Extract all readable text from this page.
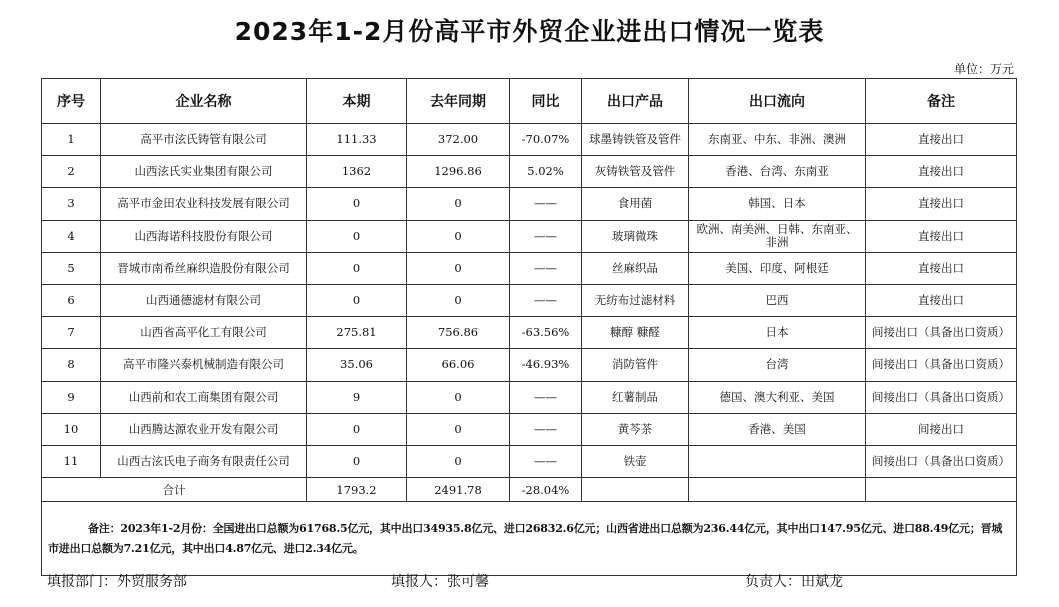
2023年1-2月份高平市外贸企业进出口情况一览表
单位：万元
序号	企业名称	本期	去年同期	同比	出口产品	出口流向	备注
1	高平市泫氏铸管有限公司	111.33	372.00	-70.07%	球墨铸铁管及管件	东南亚、中东、非洲、澳洲	直接出口
2	山西泫氏实业集团有限公司	1362	1296.86	5.02%	灰铸铁管及管件	香港、台湾、东南亚	直接出口
3	高平市金田农业科技发展有限公司	0	0	——	食用菌	韩国、日本	直接出口
4	山西海诺科技股份有限公司	0	0	——	玻璃微珠	欧洲、南美洲、日韩、东南亚、非洲	直接出口
5	晋城市南希丝麻织造股份有限公司	0	0	——	丝麻织品	美国、印度、阿根廷	直接出口
6	山西通德滤材有限公司	0	0	——	无纺布过滤材料	巴西	直接出口
7	山西省高平化工有限公司	275.81	756.86	-63.56%	糠醇 糠醛	日本	间接出口（具备出口资质）
8	高平市隆兴泰机械制造有限公司	35.06	66.06	-46.93%	消防管件	台湾	间接出口（具备出口资质）
9	山西前和农工商集团有限公司	9	0	——	红薯制品	德国、澳大利亚、美国	间接出口（具备出口资质）
10	山西腾达源农业开发有限公司	0	0	——	黄芩茶	香港、美国	间接出口
11	山西古泫氏电子商务有限责任公司	0	0	——	铁壶		间接出口（具备出口资质）
合计		1793.2	2491.78	-28.04%			
备注：2023年1-2月份：全国进出口总额为61768.5亿元，其中出口34935.8亿元、进口26832.6亿元；山西省进出口总额为236.44亿元，其中出口147.95亿元、进口88.49亿元；晋城市进出口总额为7.21亿元，其中出口4.87亿元、进口2.34亿元。							
填报部门：外贸服务部	填报人：张可馨	负责人：田斌龙
